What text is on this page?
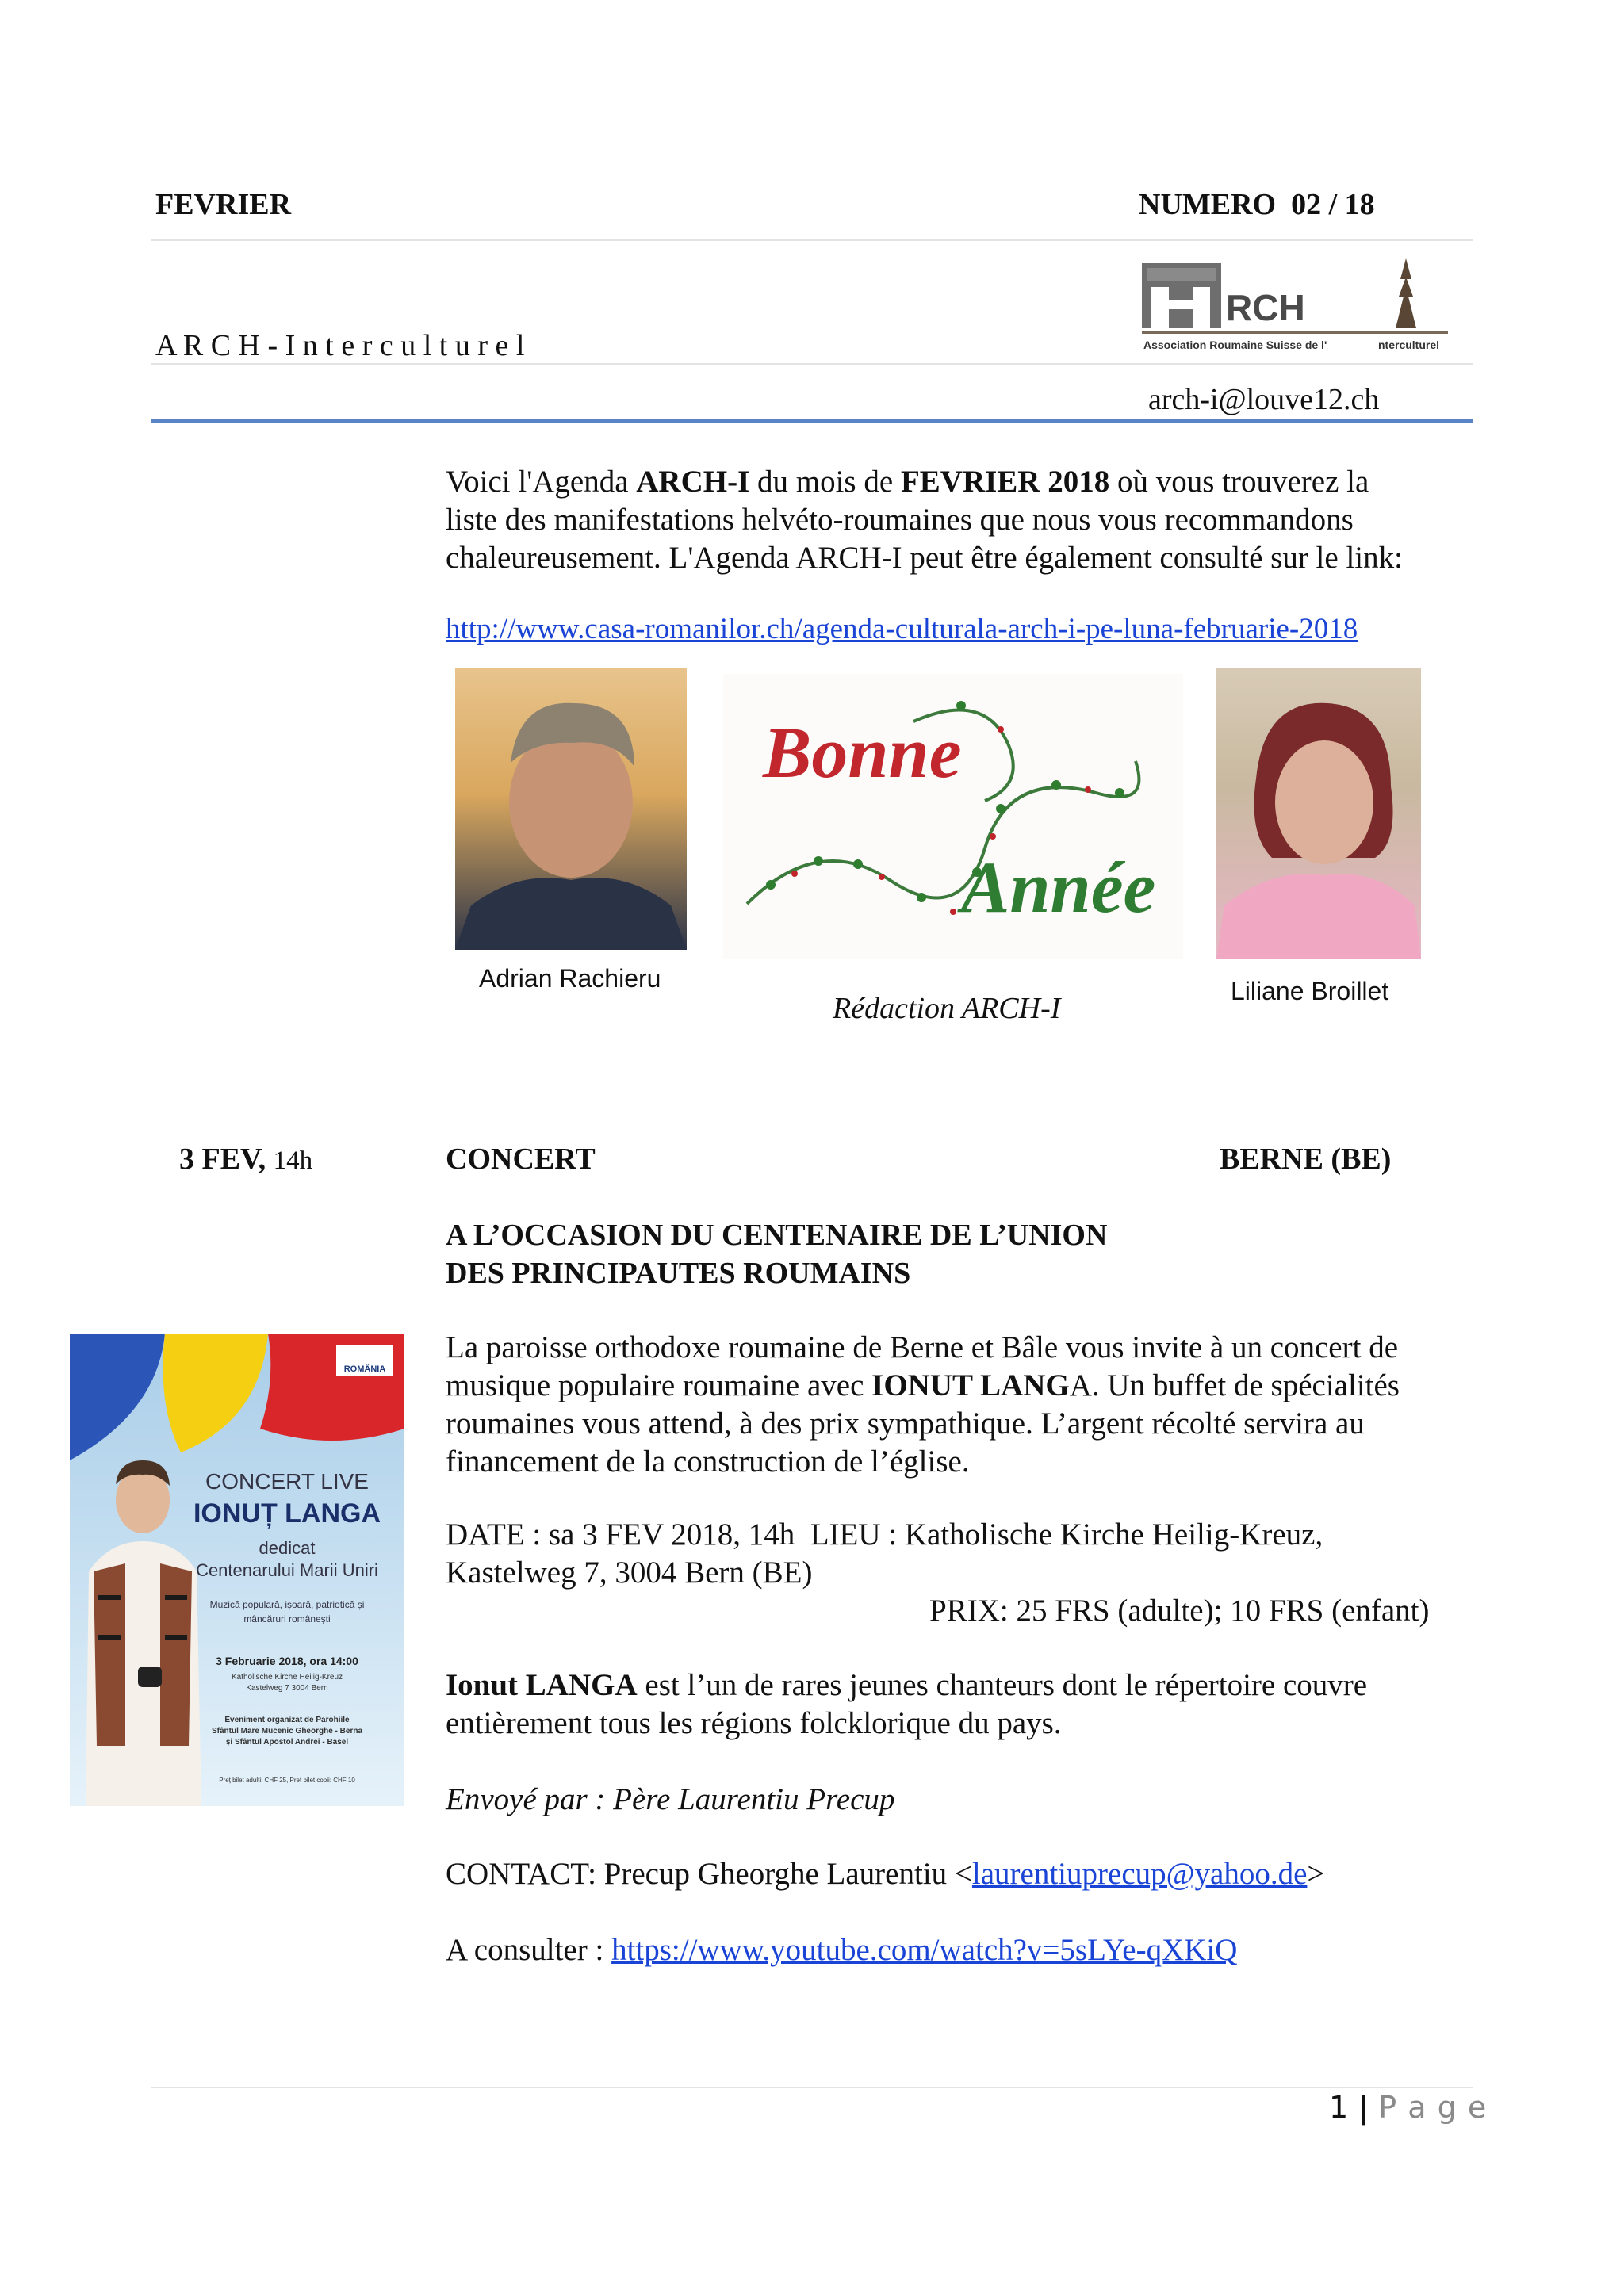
FEVRIER	NUMERO  02 / 18
A R C H - I n t e r c u l t u r e l
RCH
Association Roumaine Suisse de l'	nterculturel
arch-i@louve12.ch
Voici l'Agenda ARCH-I du mois de FEVRIER 2018 où vous trouverez la
liste des manifestations helvéto-roumaines que nous vous recommandons
chaleureusement. L'Agenda ARCH-I peut être également consulté sur le link:
http://www.casa-romanilor.ch/agenda-culturala-arch-i-pe-luna-februarie-2018
Adrian Rachieru
Bonne
Année
Rédaction ARCH-I
Liliane Broillet
3 FEV, 14h	CONCERT	BERNE (BE)
A L’OCCASION DU CENTENAIRE DE L’UNION
DES PRINCIPAUTES ROUMAINS
ROMÂNIA
CONCERT LIVE
IONUȚ LANGA
dedicat
Centenarului Marii Uniri
Muzică populară, ișoară, patriotică și
mâncăruri românești
3 Februarie 2018, ora 14:00
Katholische Kirche Heilig-Kreuz
Kastelweg 7 3004 Bern
Eveniment organizat de Parohiile
Sfântul Mare Mucenic Gheorghe - Berna
și Sfântul Apostol Andrei - Basel
Preț bilet adulți: CHF 25, Preț bilet copii: CHF 10
La paroisse orthodoxe roumaine de Berne et Bâle vous invite à un concert de
musique populaire roumaine avec IONUT LANGA. Un buffet de spécialités
roumaines vous attend, à des prix sympathique. L’argent récolté servira au
financement de la construction de l’église.
DATE : sa 3 FEV 2018, 14h  LIEU : Katholische Kirche Heilig-Kreuz,
Kastelweg 7, 3004 Bern (BE)
PRIX: 25 FRS (adulte); 10 FRS (enfant)
Ionut LANGA est l’un de rares jeunes chanteurs dont le répertoire couvre
entièrement tous les régions folcklorique du pays.
Envoyé par : Père Laurentiu Precup
CONTACT: Precup Gheorghe Laurentiu <laurentiuprecup@yahoo.de>
A consulter : https://www.youtube.com/watch?v=5sLYe-qXKiQ
1 | P a g e
